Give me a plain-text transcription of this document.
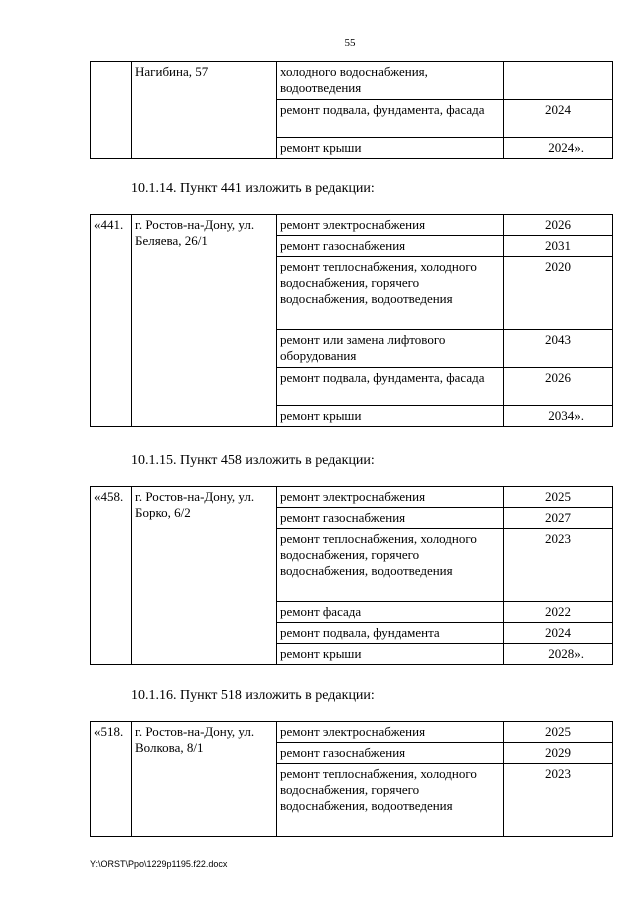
55
	Нагибина, 57	холодного водоснабжения, водоотведения	
		ремонт подвала, фундамента, фасада	2024
		ремонт крыши	2024».
10.1.14. Пункт 441 изложить в редакции:
«441.	г. Ростов-на-Дону, ул. Беляева, 26/1	ремонт электроснабжения	2026
		ремонт газоснабжения	2031
		ремонт теплоснабжения, холодного водоснабжения, горячего водоснабжения, водоотведения	2020
		ремонт или замена лифтового оборудования	2043
		ремонт подвала, фундамента, фасада	2026
		ремонт крыши	2034».
10.1.15. Пункт 458 изложить в редакции:
«458.	г. Ростов-на-Дону, ул. Борко, 6/2	ремонт электроснабжения	2025
		ремонт газоснабжения	2027
		ремонт теплоснабжения, холодного водоснабжения, горячего водоснабжения, водоотведения	2023
		ремонт фасада	2022
		ремонт подвала, фундамента	2024
		ремонт крыши	2028».
10.1.16. Пункт 518 изложить в редакции:
«518.	г. Ростов-на-Дону, ул. Волкова, 8/1	ремонт электроснабжения	2025
		ремонт газоснабжения	2029
		ремонт теплоснабжения, холодного водоснабжения, горячего водоснабжения, водоотведения	2023
Y:\ORST\Ppo\1229p1195.f22.docx
